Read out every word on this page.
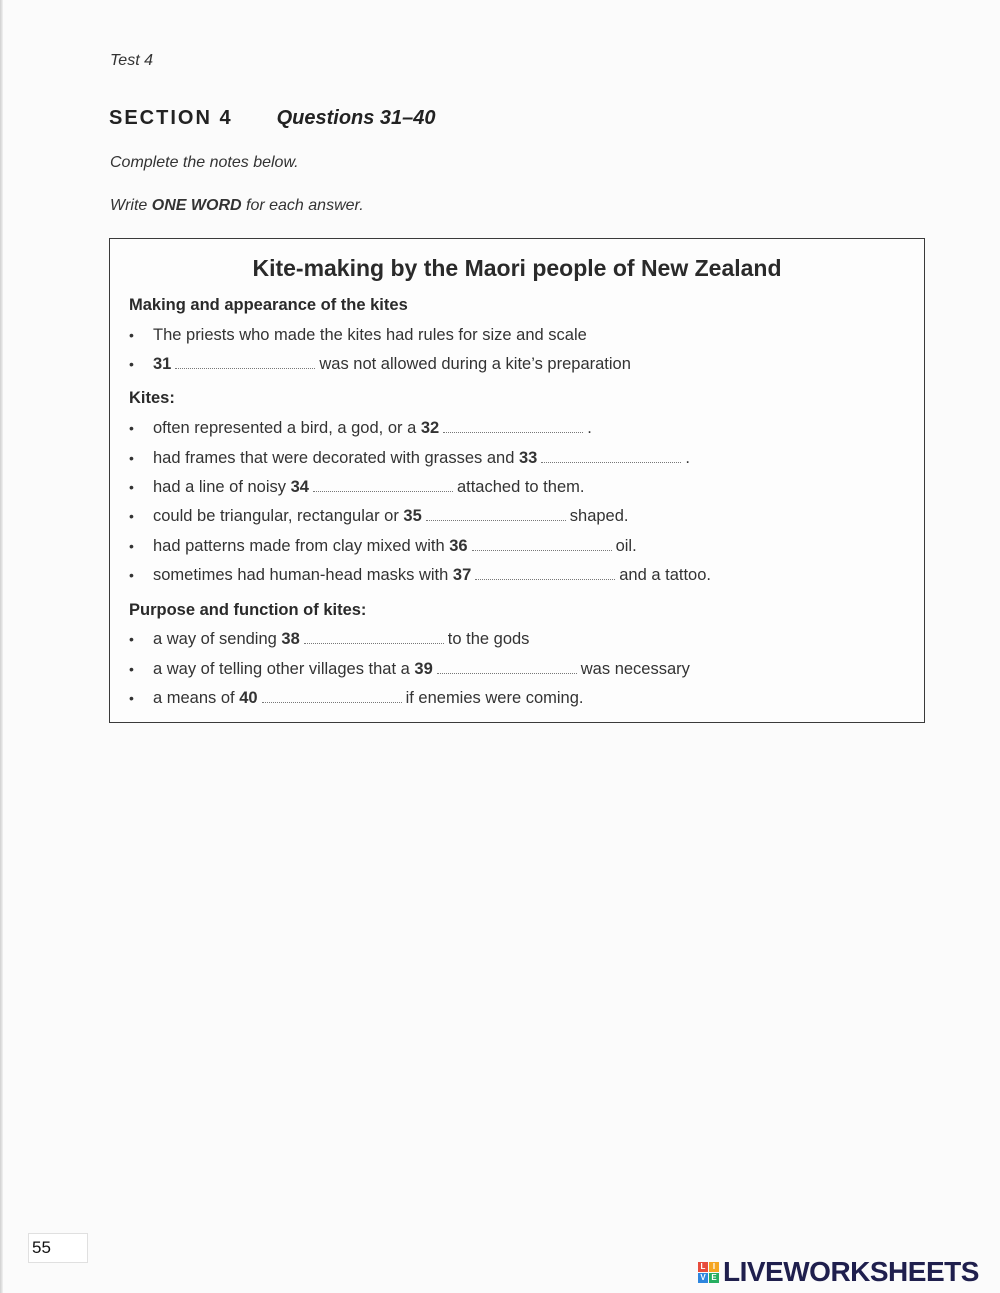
Test 4
SECTION 4 Questions 31–40
Complete the notes below.
Write ONE WORD for each answer.
Kite-making by the Maori people of New Zealand
Making and appearance of the kites
• The priests who made the kites had rules for size and scale
• 31	was not allowed during a kite’s preparation
Kites:
• often represented a bird, a god, or a 32	.
• had frames that were decorated with grasses and 33	.
• had a line of noisy 34	attached to them.
• could be triangular, rectangular or 35	shaped.
• had patterns made from clay mixed with 36	oil.
• sometimes had human-head masks with 37	and a tattoo.
Purpose and function of kites:
• a way of sending 38	to the gods
• a way of telling other villages that a 39	was necessary
• a means of 40	if enemies were coming.
55
L I
V E LIVEWORKSHEETS
